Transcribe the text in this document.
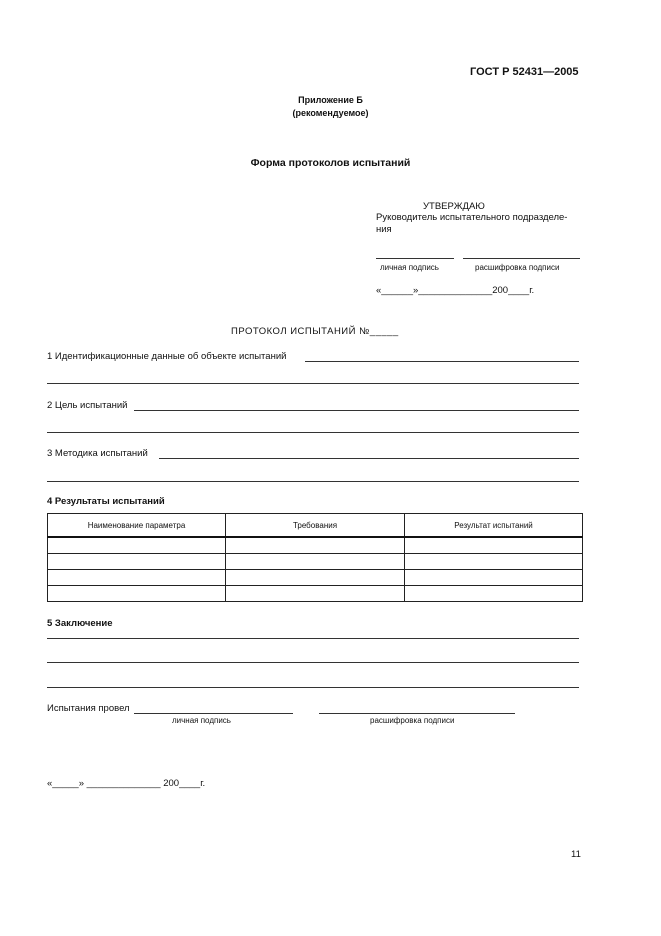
ГОСТ Р 52431—2005
Приложение Б
(рекомендуемое)
Форма протоколов испытаний
УТВЕРЖДАЮ
Руководитель испытательного подразделе-
ния
личная подпись	расшифровка подписи
«______»______________200____г.
ПРОТОКОЛ ИСПЫТАНИЙ №_____
1 Идентификационные данные об объекте испытаний
2 Цель испытаний
3 Методика испытаний
4 Результаты испытаний
Наименование параметра	Требования	Результат испытаний

5 Заключение
Испытания провел
личная подпись	расшифровка подписи
«_____» ______________ 200____г.
11
